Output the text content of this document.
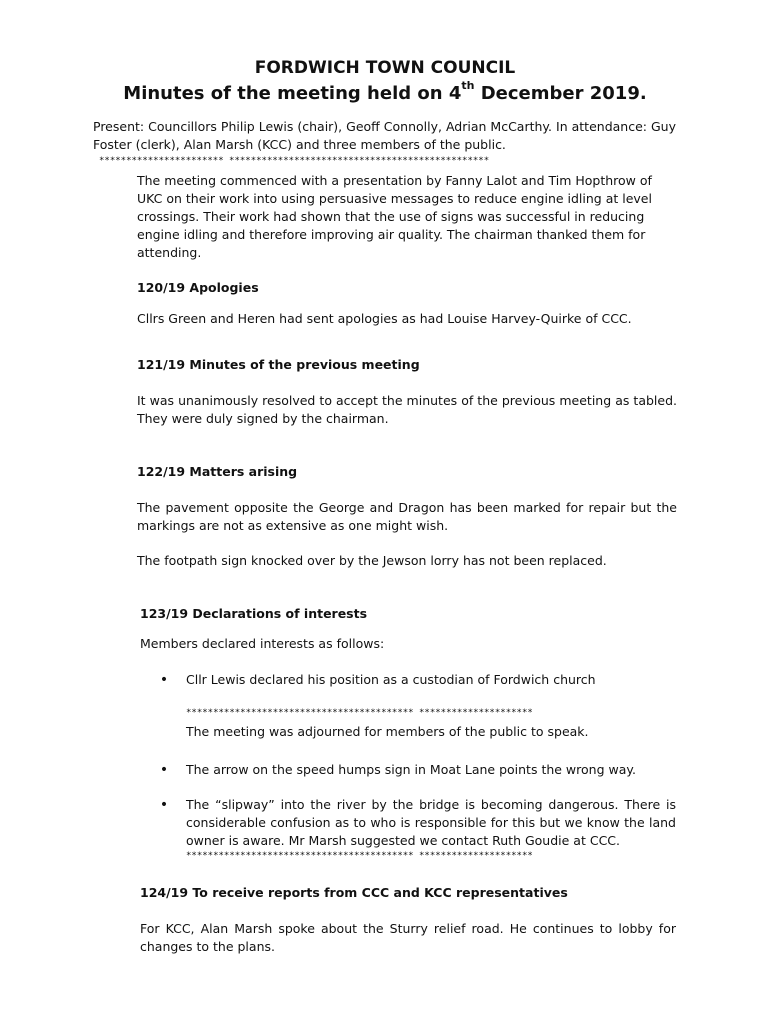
FORDWICH TOWN COUNCIL
Minutes of the meeting held on 4th December 2019.
Present: Councillors Philip Lewis (chair), Geoff Connolly, Adrian McCarthy. In attendance: Guy Foster (clerk), Alan Marsh (KCC) and three members of the public.
*********************** ************************************************
The meeting commenced with a presentation by Fanny Lalot and Tim Hopthrow of UKC on their work into using persuasive messages to reduce engine idling at level crossings. Their work had shown that the use of signs was successful in reducing engine idling and therefore improving air quality. The chairman thanked them for attending.
120/19 Apologies
Cllrs Green and Heren had sent apologies as had Louise Harvey-Quirke of CCC.
121/19 Minutes of the previous meeting
It was unanimously resolved to accept the minutes of the previous meeting as tabled. They were duly signed by the chairman.
122/19 Matters arising
The pavement opposite the George and Dragon has been marked for repair but the markings are not as extensive as one might wish.
The footpath sign knocked over by the Jewson lorry has not been replaced.
123/19 Declarations of interests
Members declared interests as follows:
• Cllr Lewis declared his position as a custodian of Fordwich church
****************************************** *********************
The meeting was adjourned for members of the public to speak.
• The arrow on the speed humps sign in Moat Lane points the wrong way.
• The “slipway” into the river by the bridge is becoming dangerous. There is considerable confusion as to who is responsible for this but we know the land owner is aware. Mr Marsh suggested we contact Ruth Goudie at CCC.
****************************************** *********************
124/19 To receive reports from CCC and KCC representatives
For KCC, Alan Marsh spoke about the Sturry relief road. He continues to lobby for changes to the plans.
